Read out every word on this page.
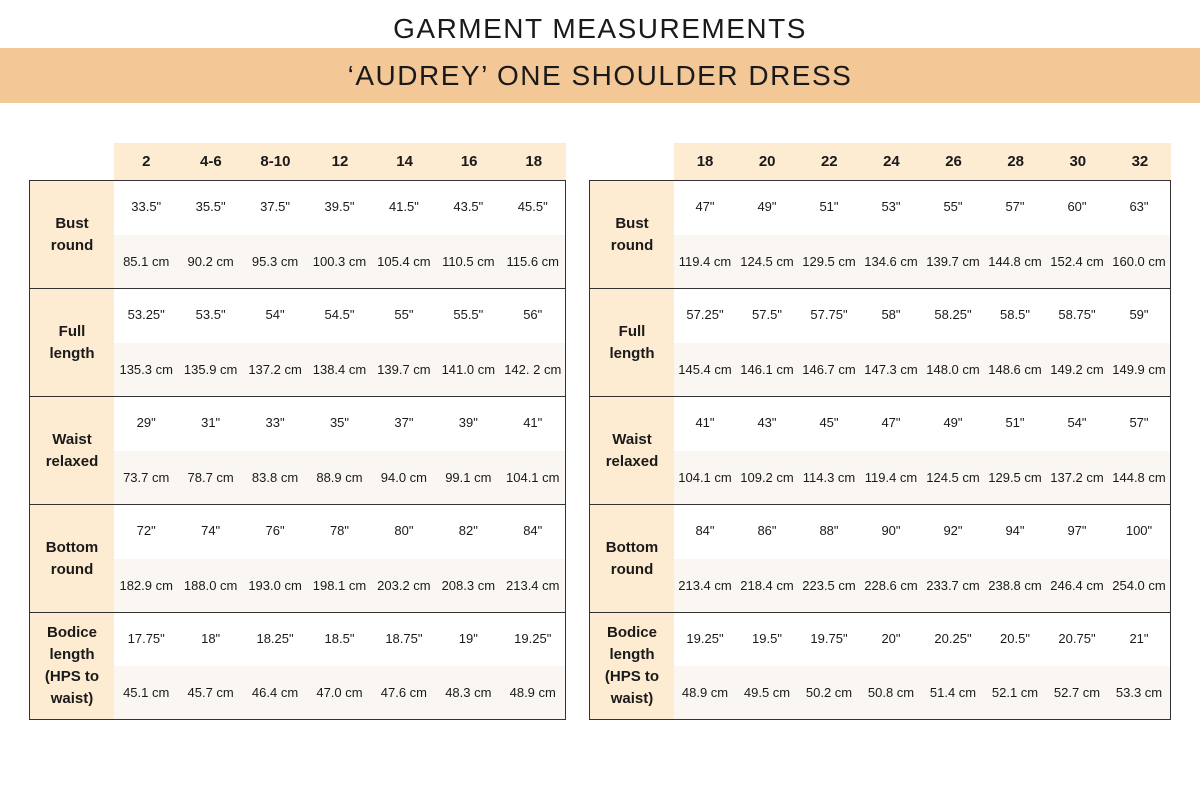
GARMENT MEASUREMENTS
‘AUDREY’ ONE SHOULDER DRESS
2	4-6	8-10	12	14	16	18
Bust
round
33.5"	35.5"	37.5"	39.5"	41.5"	43.5"	45.5"
85.1 cm	90.2 cm	95.3 cm	100.3 cm 105.4 cm 110.5 cm 115.6 cm
Full
length
53.25"	53.5"	54"	54.5"	55"	55.5"	56"
135.3 cm 135.9 cm 137.2 cm 138.4 cm 139.7 cm 141.0 cm 142. 2 cm
Waist
relaxed
29"	31"	33"	35"	37"	39"	41"
73.7 cm	78.7 cm	83.8 cm	88.9 cm	94.0 cm	99.1 cm	104.1 cm
Bottom
round
72"	74"	76"	78"	80"	82"	84"
182.9 cm 188.0 cm 193.0 cm 198.1 cm 203.2 cm 208.3 cm 213.4 cm
Bodice
length
(HPS to
waist)
17.75"	18"	18.25"	18.5"	18.75"	19"	19.25"
45.1 cm	45.7 cm	46.4 cm	47.0 cm	47.6 cm	48.3 cm	48.9 cm
18	20	22	24	26	28	30	32
Bust
round
47"	49"	51"	53"	55"	57"	60"	63"
119.4 cm 124.5 cm 129.5 cm 134.6 cm 139.7 cm 144.8 cm 152.4 cm 160.0 cm
Full
length
57.25"	57.5"	57.75"	58"	58.25"	58.5"	58.75"	59"
145.4 cm 146.1 cm 146.7 cm 147.3 cm 148.0 cm 148.6 cm 149.2 cm 149.9 cm
Waist
relaxed
41"	43"	45"	47"	49"	51"	54"	57"
104.1 cm 109.2 cm 114.3 cm 119.4 cm 124.5 cm 129.5 cm 137.2 cm 144.8 cm
Bottom
round
84"	86"	88"	90"	92"	94"	97"	100"
213.4 cm 218.4 cm 223.5 cm 228.6 cm 233.7 cm 238.8 cm 246.4 cm 254.0 cm
Bodice
length
(HPS to
waist)
19.25"	19.5"	19.75"	20"	20.25"	20.5"	20.75"	21"
48.9 cm	49.5 cm	50.2 cm	50.8 cm	51.4 cm	52.1 cm	52.7 cm	53.3 cm
